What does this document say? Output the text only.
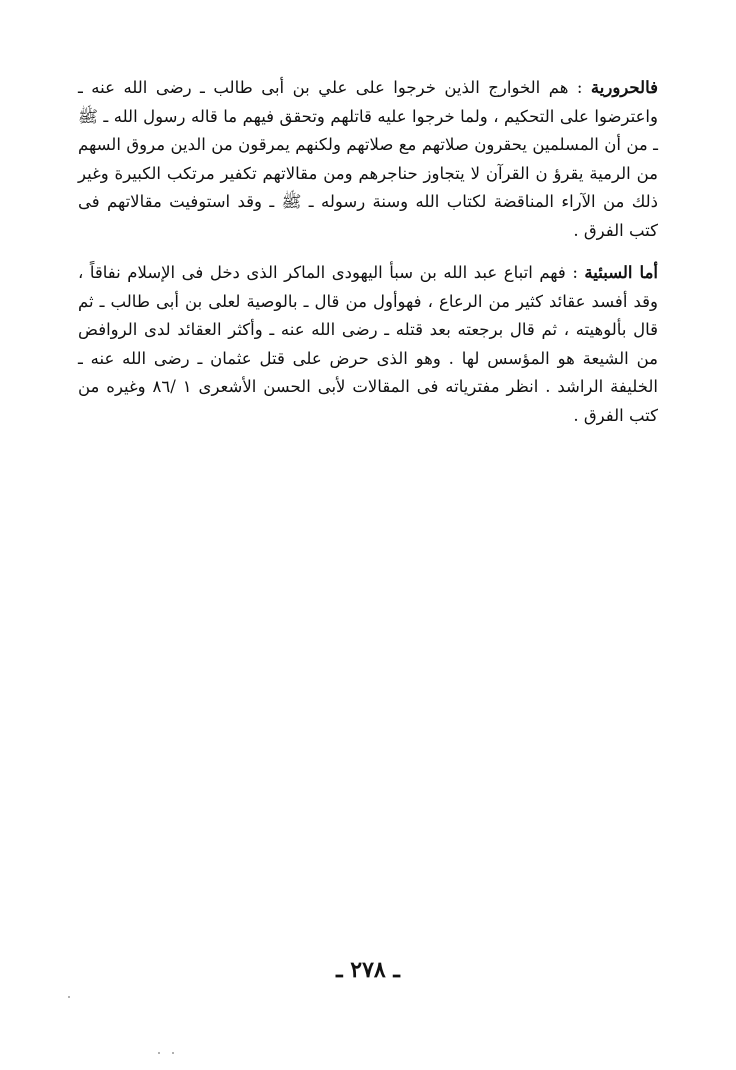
فالحرورية : هم الخوارج الذين خرجوا على علي بن أبى طالب ـ رضى الله عنه ـ واعترضوا على التحكيم ، ولما خرجوا عليه قاتلهم وتحقق فيهم ما قاله رسول الله ـ ﷺ ـ من أن المسلمين يحقرون صلاتهم مع صلاتهم ولكنهم يمرقون من الدين مروق السهم من الرمية يقرؤ ن القرآن لا يتجاوز حناجرهم ومن مقالاتهم تكفير مرتكب الكبيرة وغير ذلك من الآراء المناقضة لكتاب الله وسنة رسوله ـ ﷺ ـ وقد استوفيت مقالاتهم فى كتب الفرق .

أما السبئية : فهم اتباع عبد الله بن سبأ اليهودى الماكر الذى دخل فى الإسلام نفاقاً ، وقد أفسد عقائد كثير من الرعاع ، فهوأول من قال ـ بالوصية لعلى بن أبى طالب ـ ثم قال بألوهيته ، ثم قال برجعته بعد قتله ـ رضى الله عنه ـ وأكثر العقائد لدى الروافض من الشيعة هو المؤسس لها . وهو الذى حرض على قتل عثمان ـ رضى الله عنه ـ الخليفة الراشد . انظر مفترياته فى المقالات لأبى الحسن الأشعرى ١ /٨٦ وغيره من كتب الفرق .

ـ ٢٧٨ ـ
